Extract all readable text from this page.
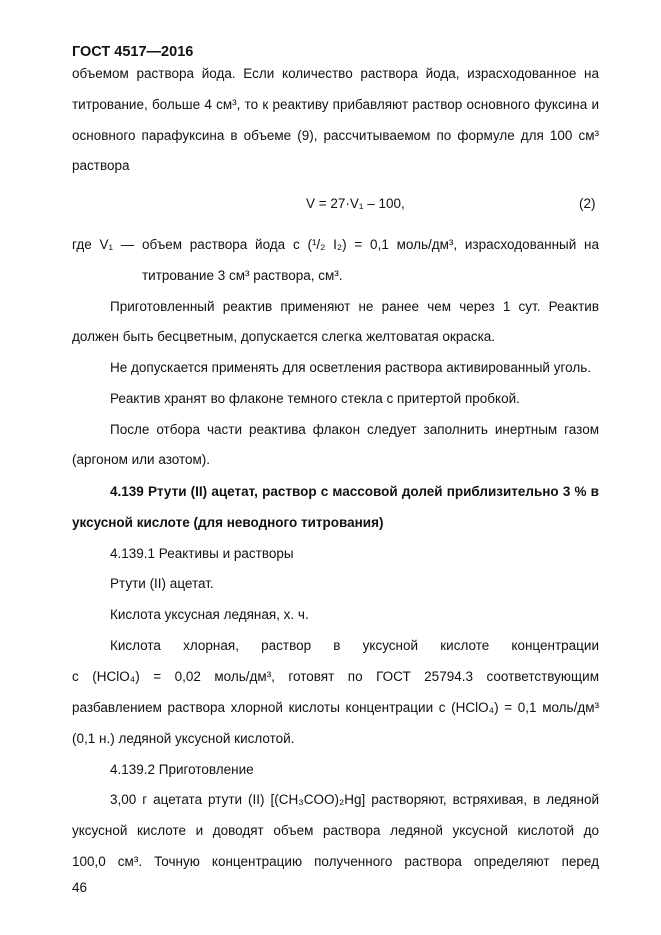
ГОСТ 4517—2016
объемом раствора йода. Если количество раствора йода, израсходованное на
титрование, больше 4 см³, то к реактиву прибавляют раствор основного фуксина и
основного парафуксина в объеме (9), рассчитываемом по формуле для 100 см³
раствора
V = 27·V₁ – 100,	(2)
где V₁ — объем раствора йода c (¹/₂ I₂) = 0,1 моль/дм³, израсходованный на
титрование 3 см³ раствора, см³.
Приготовленный реактив применяют не ранее чем через 1 сут. Реактив
должен быть бесцветным, допускается слегка желтоватая окраска.
Не допускается применять для осветления раствора активированный уголь.
Реактив хранят во флаконе темного стекла с притертой пробкой.
После отбора части реактива флакон следует заполнить инертным газом
(аргоном или азотом).
4.139 Ртути (II) ацетат, раствор с массовой долей приблизительно 3 % в
уксусной кислоте (для неводного титрования)
4.139.1 Реактивы и растворы
Ртути (II) ацетат.
Кислота уксусная ледяная, х. ч.
Кислота хлорная, раствор в уксусной кислоте концентрации
c (HClO₄) = 0,02 моль/дм³, готовят по ГОСТ 25794.3 соответствующим
разбавлением раствора хлорной кислоты концентрации c (HClO₄) = 0,1 моль/дм³
(0,1 н.) ледяной уксусной кислотой.
4.139.2 Приготовление
3,00 г ацетата ртути (II) [(CH₃COO)₂Hg] растворяют, встряхивая, в ледяной
уксусной кислоте и доводят объем раствора ледяной уксусной кислотой до
100,0 см³. Точную концентрацию полученного раствора определяют перед
46
